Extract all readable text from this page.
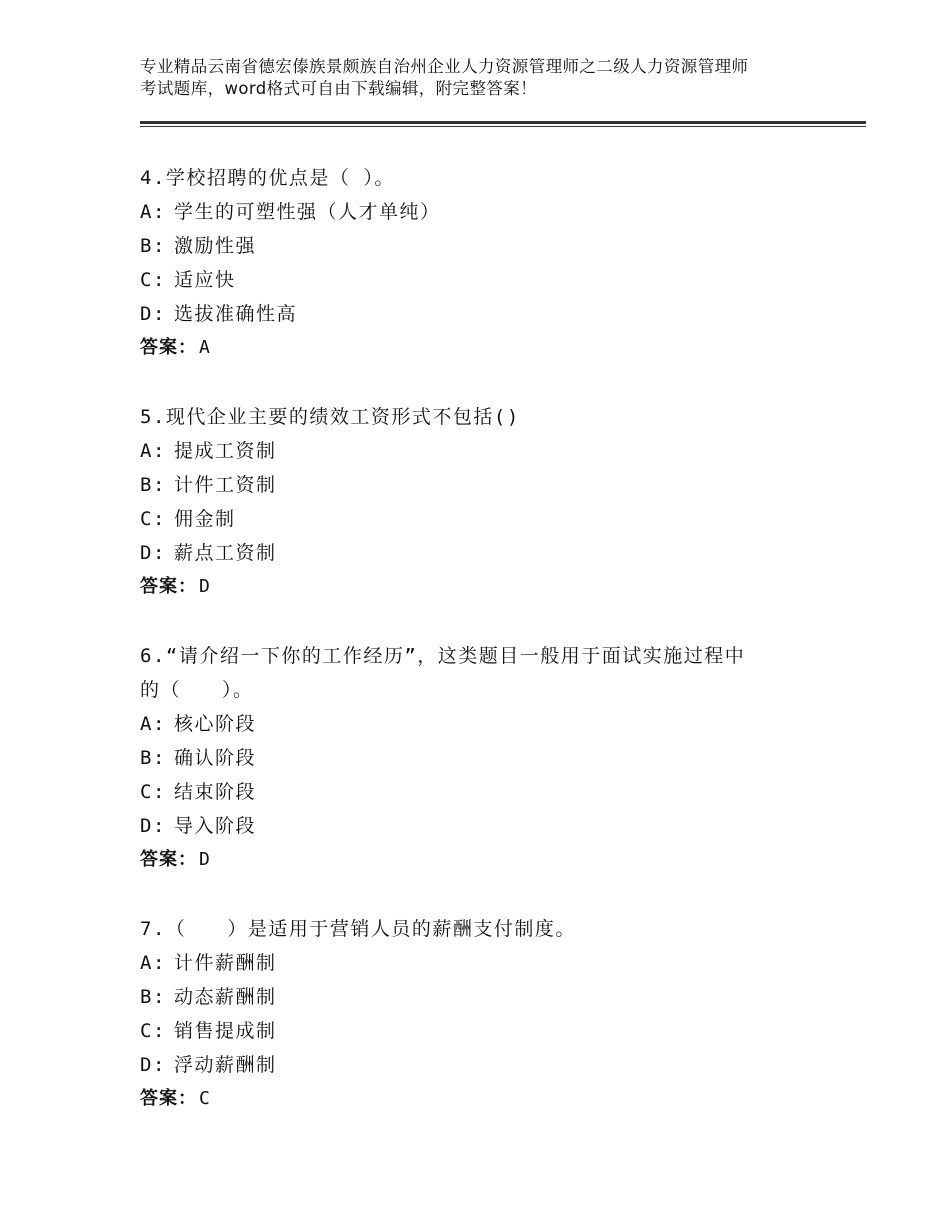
专业精品云南省德宏傣族景颇族自治州企业人力资源管理师之二级人力资源管理师
考试题库，word格式可自由下载编辑，附完整答案！
4.学校招聘的优点是（ ）。
A: 学生的可塑性强（人才单纯）
B: 激励性强
C: 适应快
D: 选拔准确性高
答案： A
5.现代企业主要的绩效工资形式不包括()
A: 提成工资制
B: 计件工资制
C: 佣金制
D: 薪点工资制
答案： D
6.“请介绍一下你的工作经历”，这类题目一般用于面试实施过程中
的（　　）。
A: 核心阶段
B: 确认阶段
C: 结束阶段
D: 导入阶段
答案： D
7.（　　）是适用于营销人员的薪酬支付制度。
A: 计件薪酬制
B: 动态薪酬制
C: 销售提成制
D: 浮动薪酬制
答案： C
